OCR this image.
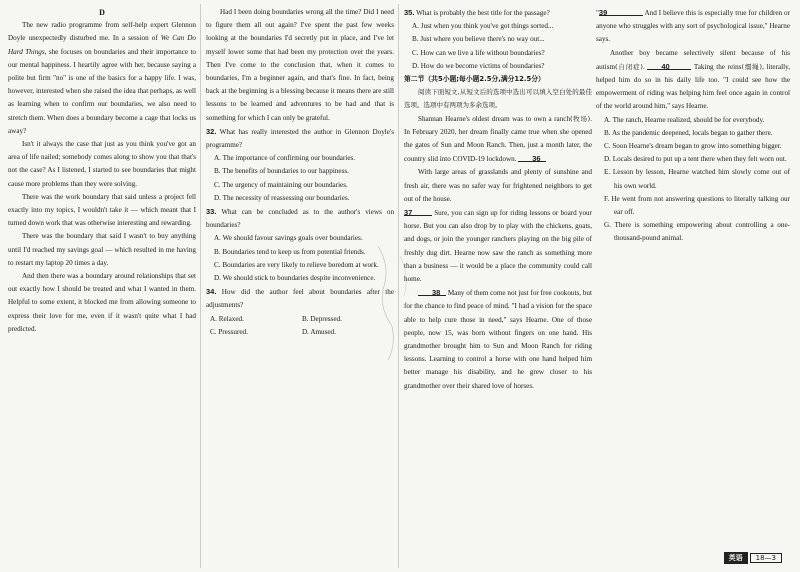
D

The new radio programme from self-help expert Glennon Doyle unexpectedly disturbed me. In a session of We Can Do Hard Things, she focuses on boundaries and their importance to our mental happiness. I heartily agree with her, because saying a polite but firm "no" is one of the basics for a happy life. I was, however, interested when she raised the idea that perhaps, as well as learning when to confirm our boundaries, we also need to stretch them. When does a boundary become a cage that locks us away?

Isn't it always the case that just as you think you've got an area of life nailed; somebody comes along to show you that that's not the case? As I listened, I started to see boundaries that might cause more problems than they were solving.

There was the work boundary that said unless a project fell exactly into my topics, I wouldn't take it — which meant that I turned down work that was otherwise interesting and rewarding.

There was the boundary that said I wasn't to buy anything until I'd reached my savings goal — which resulted in me having to restart my laptop 20 times a day.

And then there was a boundary around relationships that set out exactly how I should be treated and what I wanted in them. Helpful to some extent, it blocked me from allowing someone to express their love for me, even if it wasn't quite what I had predicted.

Had I been doing boundaries wrong all the time? Did I need to figure them all out again? I've spent the past few weeks looking at the boundaries I'd secretly put in place, and I've let myself lower some that had been my protection over the years. Then I've come to the conclusion that, when it comes to boundaries, I'm a beginner again, and that's fine. In fact, being back at the beginning is a blessing because it means there are still lessons to be learned and adventures to be had and that is something for which I can only be grateful.

32. What has really interested the author in Glennon Doyle's programme?

A. The importance of confirming our boundaries.

B. The benefits of boundaries to our happiness.

C. The urgency of maintaining our boundaries.

D. The necessity of reassessing our boundaries.

33. What can be concluded as to the author's views on boundaries?

A. We should favour savings goals over boundaries.

B. Boundaries tend to keep us from potential friends.

C. Boundaries are very likely to relieve boredom at work.

D. We should stick to boundaries despite inconvenience.

34. How did the author feel about boundaries after the adjustments?

A. Relaxed.	B. Depressed.
C. Pressured.	D. Amused.

35. What is probably the best title for the passage?

A. Just when you think you've got things sorted...

B. Just where you believe there's no way out...

C. How can we live a life without boundaries?

D. How do we become victims of boundaries?

第二节（共5小题;每小题2.5分,满分12.5分）

阅读下面短文,从短文后的选项中选出可以填入空白处的最佳选项。选项中有两项为多余选项。

Shannan Hearne's oldest dream was to own a ranch(牧场). In February 2020, her dream finally came true when she opened the gates of Sun and Moon Ranch. Then, just a month later, the country slid into COVID-19 lockdown. 36

With large areas of grasslands and plenty of sunshine and fresh air, there was no safer way for frightened neighbors to get out of the house.

37	Sure, you can sign up for riding lessons or board your horse. But you can also drop by to play with the chickens, goats, and dogs, or join the younger ranchers playing on the big pile of freshly dug dirt. Hearne now saw the ranch as something more than a business — it would be a place the community could call home.

38 Many of them come not just for free cookouts, but for the chance to find peace of mind. "I had a vision for the space able to help cure those in need," says Hearne. One of those people, now 15, was born without fingers on one hand. His grandmother brought him to Sun and Moon Ranch for riding lessons. Learning to control a horse with one hand helped him better manage his disability, and he grew closer to his grandmother over their shared love of horses.

"39	And I believe this is especially true for children or anyone who struggles with any sort of psychological issue," Hearne says.

Another boy became selectively silent because of his autism(自闭症). 40	Taking the reins(缰绳), literally, helped him do so in his daily life too. "I could see how the empowerment of riding was helping him feel once again in control of the world around him," says Hearne.

A. The ranch, Hearne realized, should be for everybody.

B. As the pandemic deepened, locals began to gather there.

C. Soon Hearne's dream began to grow into something bigger.

D. Locals desired to put up a tent there when they felt worn out.

E. Lesson by lesson, Hearne watched him slowly come out of his own world.

F. He went from not answering questions to literally talking our ear off.

G. There is something empowering about controlling a one-thousand-pound animal.

英语	18—3
